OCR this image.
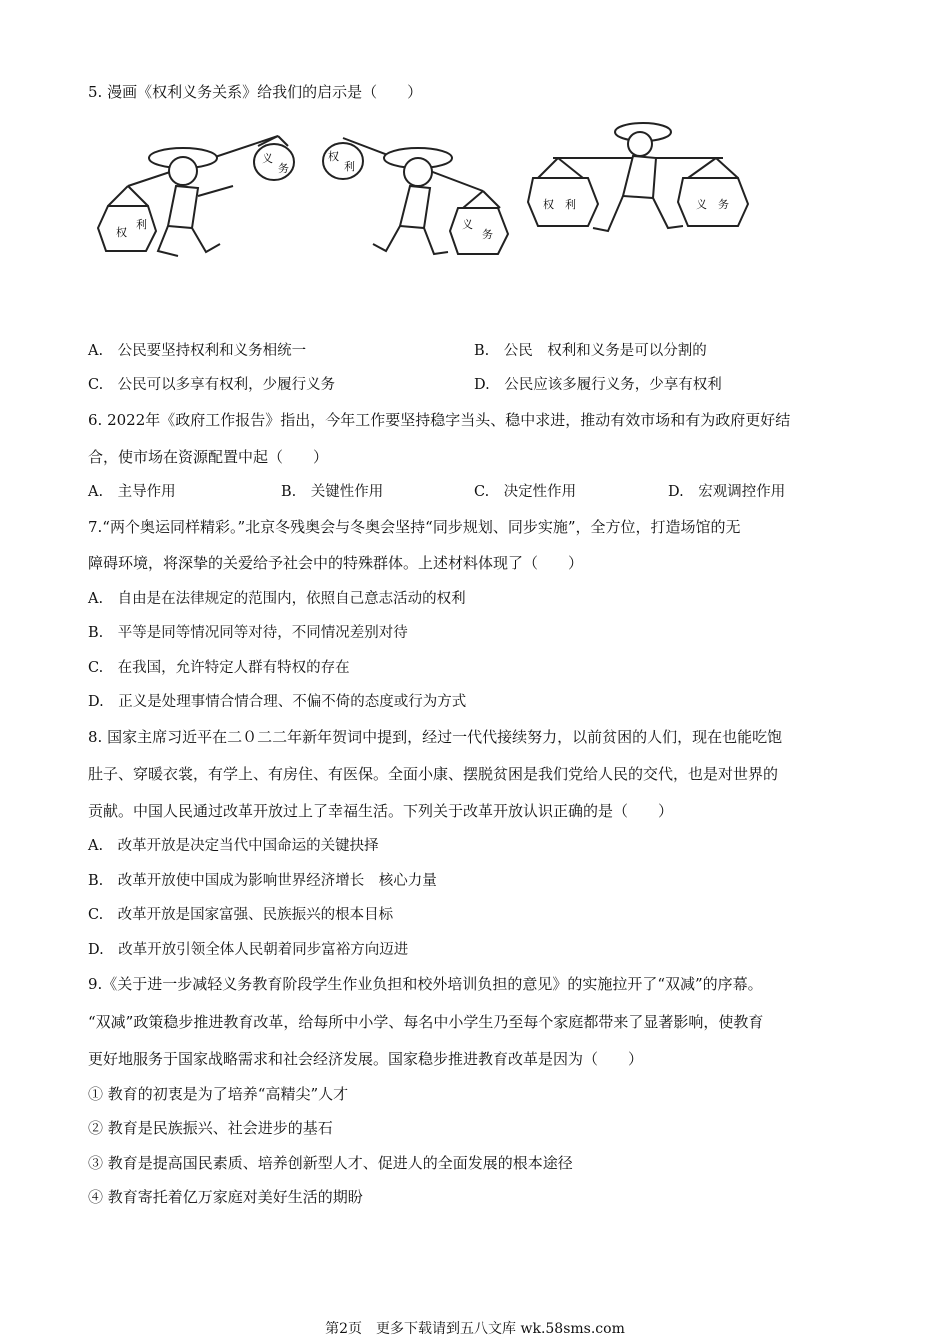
5. 漫画《权利义务关系》给我们的启示是（　　）
权
利
义
务
权
利
义
务
权　利	义　务
A.　公民要坚持权利和义务相统一	B.　公民　权利和义务是可以分割的
C.　公民可以多享有权利，少履行义务	D.　公民应该多履行义务，少享有权利
6. 2022年《政府工作报告》指出，今年工作要坚持稳字当头、稳中求进，推动有效市场和有为政府更好结
合，使市场在资源配置中起（　　）
A.　主导作用	B.　关键性作用	C.　决定性作用	D.　宏观调控作用
7.“两个奥运同样精彩。”北京冬残奥会与冬奥会坚持“同步规划、同步实施”，全方位，打造场馆的无
障碍环境，将深挚的关爱给予社会中的特殊群体。上述材料体现了（　　）
A.　自由是在法律规定的范围内，依照自己意志活动的权利
B.　平等是同等情况同等对待，不同情况差别对待
C.　在我国，允许特定人群有特权的存在
D.　正义是处理事情合情合理、不偏不倚的态度或行为方式
8. 国家主席习近平在二０二二年新年贺词中提到，经过一代代接续努力，以前贫困的人们，现在也能吃饱
肚子、穿暖衣裳，有学上、有房住、有医保。全面小康、摆脱贫困是我们党给人民的交代，也是对世界的
贡献。中国人民通过改革开放过上了幸福生活。下列关于改革开放认识正确的是（　　）
A.　改革开放是决定当代中国命运的关键抉择
B.　改革开放使中国成为影响世界经济增长　核心力量
C.　改革开放是国家富强、民族振兴的根本目标
D.　改革开放引领全体人民朝着同步富裕方向迈进
9.《关于进一步减轻义务教育阶段学生作业负担和校外培训负担的意见》的实施拉开了“双减”的序幕。
“双减”政策稳步推进教育改革，给每所中小学、每名中小学生乃至每个家庭都带来了显著影响，使教育
更好地服务于国家战略需求和社会经济发展。国家稳步推进教育改革是因为（　　）
① 教育的初衷是为了培养“高精尖”人才
② 教育是民族振兴、社会进步的基石
③ 教育是提高国民素质、培养创新型人才、促进人的全面发展的根本途径
④ 教育寄托着亿万家庭对美好生活的期盼
第2页　更多下载请到五八文库 wk.58sms.com
